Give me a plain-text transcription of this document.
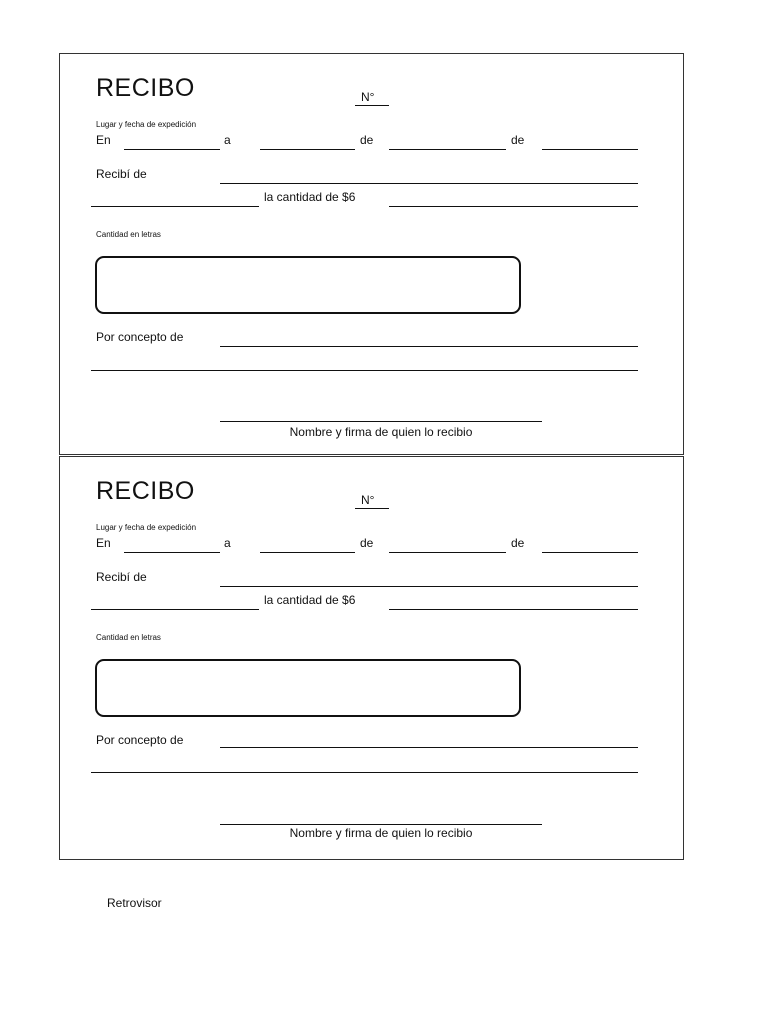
RECIBO	N°
Lugar y fecha de expedición
En	a	de	de
Recibí de
la cantidad de $6
Cantidad en letras
Por concepto de
Nombre y firma de quien lo recibio
RECIBO	N°
Lugar y fecha de expedición
En	a	de	de
Recibí de
la cantidad de $6
Cantidad en letras
Por concepto de
Nombre y firma de quien lo recibio
Retrovisor
